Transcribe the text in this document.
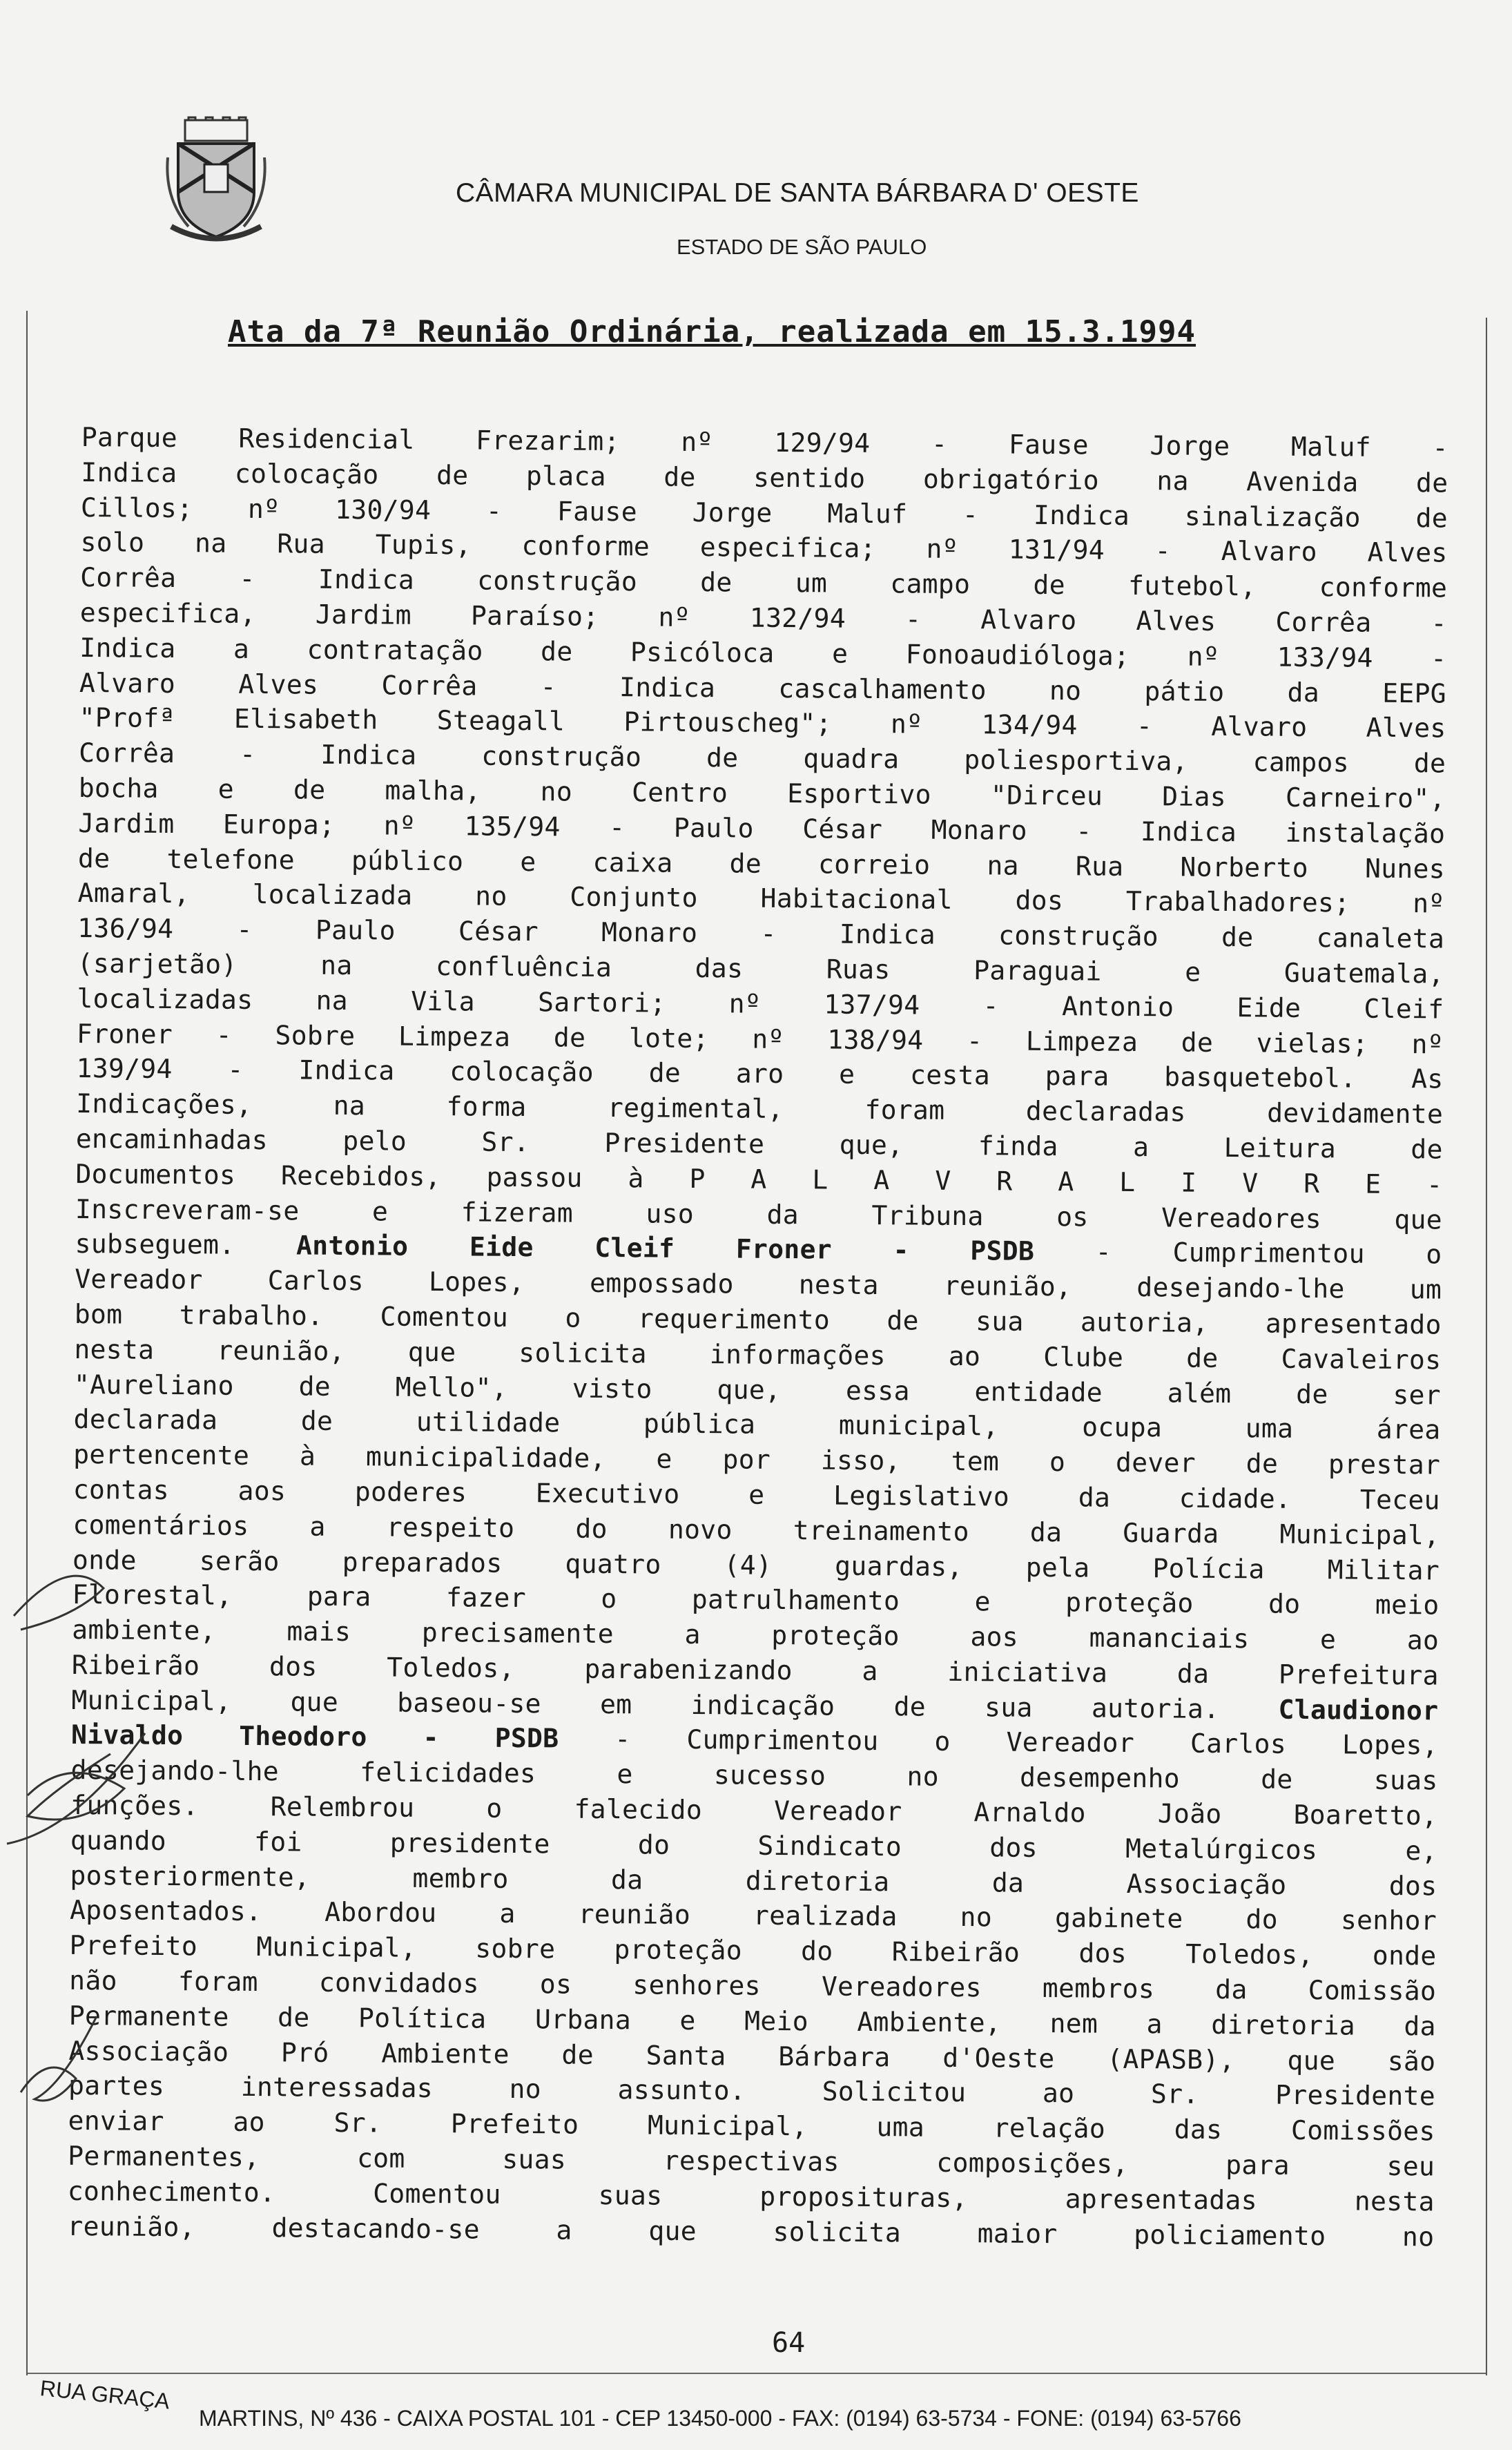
CÂMARA MUNICIPAL DE SANTA BÁRBARA D' OESTE
ESTADO DE SÃO PAULO
Ata da 7ª Reunião Ordinária, realizada em 15.3.1994
Parque Residencial Frezarim; nº 129/94 - Fause Jorge Maluf -
Indica colocação de placa de sentido obrigatório na Avenida de
Cillos; nº 130/94 - Fause Jorge Maluf - Indica sinalização de
solo na Rua Tupis, conforme especifica; nº 131/94 - Alvaro Alves
Corrêa - Indica construção de um campo de futebol, conforme
especifica, Jardim Paraíso; nº 132/94 - Alvaro Alves Corrêa -
Indica a contratação de Psicóloca e Fonoaudióloga; nº 133/94 -
Alvaro Alves Corrêa - Indica cascalhamento no pátio da EEPG
"Profª Elisabeth Steagall Pirtouscheg"; nº 134/94 - Alvaro Alves
Corrêa - Indica construção de quadra poliesportiva, campos de
bocha e de malha, no Centro Esportivo "Dirceu Dias Carneiro",
Jardim Europa; nº 135/94 - Paulo César Monaro - Indica instalação
de telefone público e caixa de correio na Rua Norberto Nunes
Amaral, localizada no Conjunto Habitacional dos Trabalhadores; nº
136/94 - Paulo César Monaro - Indica construção de canaleta
(sarjetão) na confluência das Ruas Paraguai e Guatemala,
localizadas na Vila Sartori; nº 137/94 - Antonio Eide Cleif
Froner - Sobre Limpeza de lote; nº 138/94 - Limpeza de vielas; nº
139/94 - Indica colocação de aro e cesta para basquetebol. As
Indicações, na forma regimental, foram declaradas devidamente
encaminhadas pelo Sr. Presidente que, finda a Leitura de
Documentos Recebidos, passou à P A L A V R A L I V R E -
Inscreveram-se e fizeram uso da Tribuna os Vereadores que
subseguem. Antonio Eide Cleif Froner - PSDB - Cumprimentou o
Vereador Carlos Lopes, empossado nesta reunião, desejando-lhe um
bom trabalho. Comentou o requerimento de sua autoria, apresentado
nesta reunião, que solicita informações ao Clube de Cavaleiros
"Aureliano de Mello", visto que, essa entidade além de ser
declarada de utilidade pública municipal, ocupa uma área
pertencente à municipalidade, e por isso, tem o dever de prestar
contas aos poderes Executivo e Legislativo da cidade. Teceu
comentários a respeito do novo treinamento da Guarda Municipal,
onde serão preparados quatro (4) guardas, pela Polícia Militar
Florestal, para fazer o patrulhamento e proteção do meio
ambiente, mais precisamente a proteção aos mananciais e ao
Ribeirão dos Toledos, parabenizando a iniciativa da Prefeitura
Municipal, que baseou-se em indicação de sua autoria. Claudionor
Nivaldo Theodoro - PSDB - Cumprimentou o Vereador Carlos Lopes,
desejando-lhe felicidades e sucesso no desempenho de suas
funções. Relembrou o falecido Vereador Arnaldo João Boaretto,
quando foi presidente do Sindicato dos Metalúrgicos e,
posteriormente, membro da diretoria da Associação dos
Aposentados. Abordou a reunião realizada no gabinete do senhor
Prefeito Municipal, sobre proteção do Ribeirão dos Toledos, onde
não foram convidados os senhores Vereadores membros da Comissão
Permanente de Política Urbana e Meio Ambiente, nem a diretoria da
Associação Pró Ambiente de Santa Bárbara d'Oeste (APASB), que são
partes interessadas no assunto. Solicitou ao Sr. Presidente
enviar ao Sr. Prefeito Municipal, uma relação das Comissões
Permanentes, com suas respectivas composições, para seu
conhecimento. Comentou suas proposituras, apresentadas nesta
reunião, destacando-se a que solicita maior policiamento no
64
RUA GRAÇA
MARTINS, Nº 436 - CAIXA POSTAL 101 - CEP 13450-000 - FAX: (0194) 63-5734 - FONE: (0194) 63-5766
